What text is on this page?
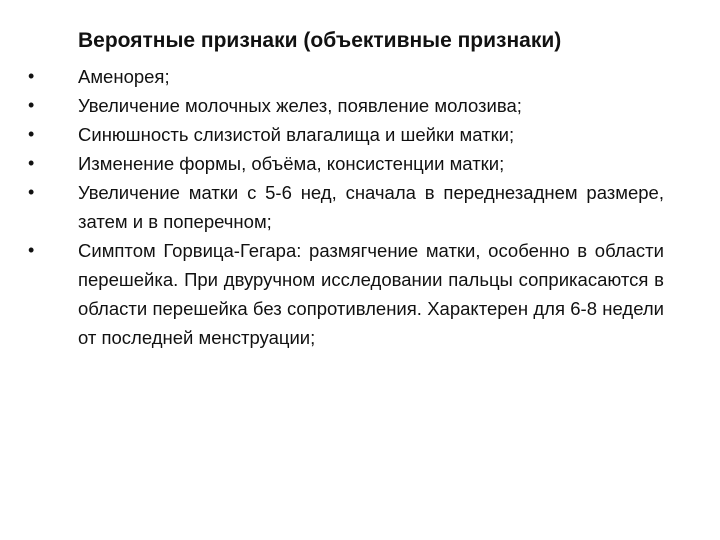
Вероятные признаки (объективные признаки)
•	Аменорея;
•	Увеличение молочных желез, появление молозива;
•	Синюшность слизистой влагалища и шейки матки;
•	Изменение формы, объёма, консистенции матки;
•	Увеличение матки с 5-6 нед, сначала в переднезаднем размере, затем и в поперечном;
•	Симптом Горвица-Гегара: размягчение матки, особенно в области перешейка. При двуручном исследовании пальцы соприкасаются в области перешейка без сопротивления. Характерен для 6-8 недели от последней менструации;
